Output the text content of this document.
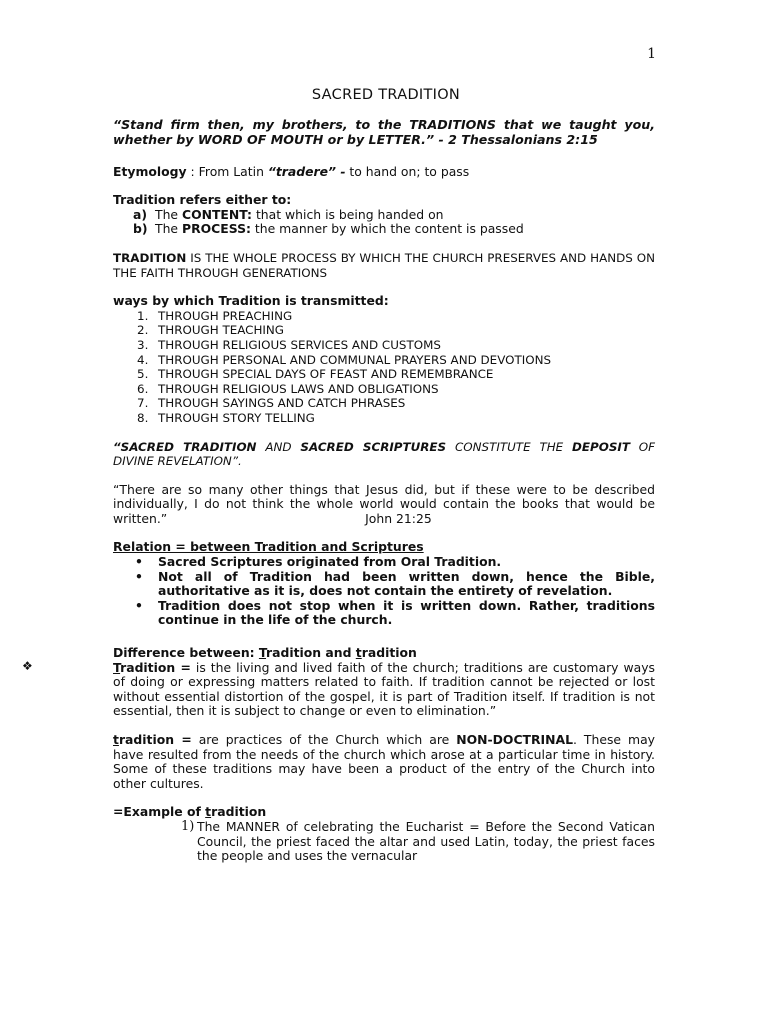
1
❖
SACRED TRADITION

“Stand firm then, my brothers, to the TRADITIONS that we taught you, whether by WORD OF MOUTH or by LETTER.” - 2 Thessalonians 2:15

Etymology : From Latin “tradere” - to hand on; to pass

Tradition refers either to:

a) The CONTENT: that which is being handed on
b) The PROCESS: the manner by which the content is passed

TRADITION IS THE WHOLE PROCESS BY WHICH THE CHURCH PRESERVES AND HANDS ON THE FAITH THROUGH GENERATIONS

ways by which Tradition is transmitted:

1. THROUGH PREACHING
2. THROUGH TEACHING
3. THROUGH RELIGIOUS SERVICES AND CUSTOMS
4. THROUGH PERSONAL AND COMMUNAL PRAYERS AND DEVOTIONS
5. THROUGH SPECIAL DAYS OF FEAST AND REMEMBRANCE
6. THROUGH RELIGIOUS LAWS AND OBLIGATIONS
7. THROUGH SAYINGS AND CATCH PHRASES
8. THROUGH STORY TELLING

“SACRED TRADITION AND SACRED SCRIPTURES CONSTITUTE THE DEPOSIT OF DIVINE REVELATION”.

“There are so many other things that Jesus did, but if these were to be described individually, I do not think the whole world would contain the books that would be written.”	John 21:25

Relation = between Tradition and Scriptures

•	Sacred Scriptures originated from Oral Tradition.
•	Not all of Tradition had been written down, hence the Bible, authoritative as it is, does not contain the entirety of revelation.
•	Tradition does not stop when it is written down. Rather, traditions continue in the life of the church.

Difference between: Tradition and tradition

Tradition = is the living and lived faith of the church; traditions are customary ways of doing or expressing matters related to faith. If tradition cannot be rejected or lost without essential distortion of the gospel, it is part of Tradition itself. If tradition is not essential, then it is subject to change or even to elimination.”

tradition = are practices of the Church which are NON-DOCTRINAL. These may have resulted from the needs of the church which arose at a particular time in history. Some of these traditions may have been a product of the entry of the Church into other cultures.

=Example of tradition

1) The MANNER of celebrating the Eucharist = Before the Second Vatican Council, the priest faced the altar and used Latin, today, the priest faces the people and uses the vernacular
